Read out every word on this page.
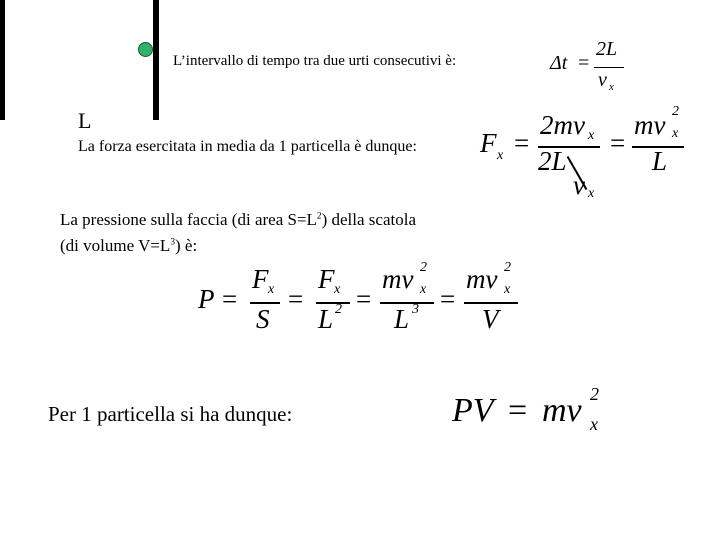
L
L’intervallo di tempo tra due urti consecutivi è:	Δt =
2L
v x
La forza esercitata in media da 1 particella è dunque: F x =
2mv x
2L
v x
=
mv 2
x
L
La pressione sulla faccia (di area $S=L^2$) della scatola
(di volume $V=L^3$) è:
P =
F x
S
=
F x
L 2 =
mv 2
x
L 3 =
mv 2
x
V
Per 1 particella si ha dunque:	PV = mv 2
x
